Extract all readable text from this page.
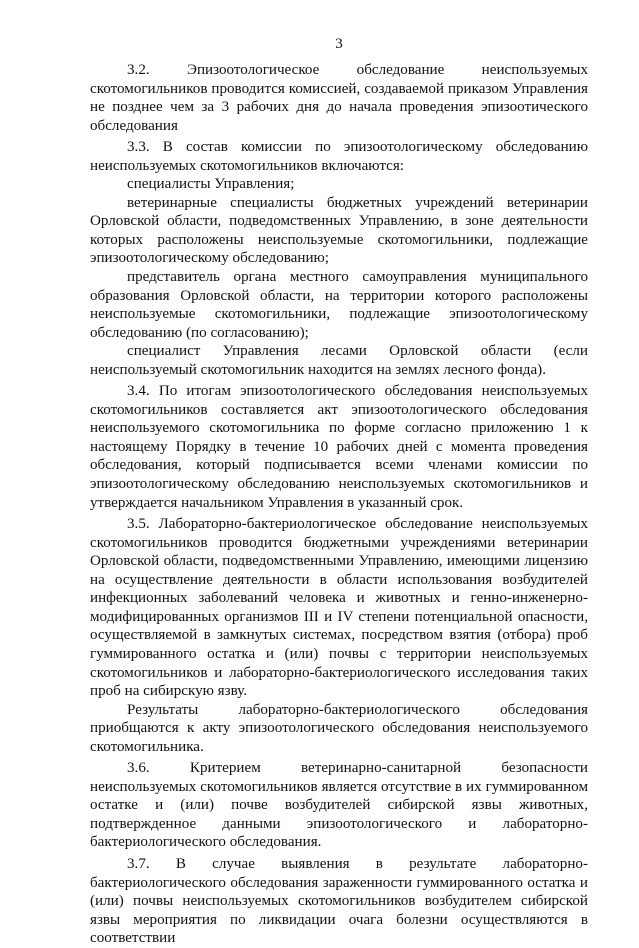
3

3.2. Эпизоотологическое обследование неиспользуемых скотомогильников проводится комиссией, создаваемой приказом Управления не позднее чем за 3 рабочих дня до начала проведения эпизоотического обследования

3.3. В состав комиссии по эпизоотологическому обследованию неиспользуемых скотомогильников включаются:

специалисты Управления;

ветеринарные специалисты бюджетных учреждений ветеринарии Орловской области, подведомственных Управлению, в зоне деятельности которых расположены неиспользуемые скотомогильники, подлежащие эпизоотологическому обследованию;

представитель органа местного самоуправления муниципального образования Орловской области, на территории которого расположены неиспользуемые скотомогильники, подлежащие эпизоотологическому обследованию (по согласованию);

специалист Управления лесами Орловской области (если неиспользуемый скотомогильник находится на землях лесного фонда).

3.4. По итогам эпизоотологического обследования неиспользуемых скотомогильников составляется акт эпизоотологического обследования неиспользуемого скотомогильника по форме согласно приложению 1 к настоящему Порядку в течение 10 рабочих дней с момента проведения обследования, который подписывается всеми членами комиссии по эпизоотологическому обследованию неиспользуемых скотомогильников и утверждается начальником Управления в указанный срок.

3.5. Лабораторно-бактериологическое обследование неиспользуемых скотомогильников проводится бюджетными учреждениями ветеринарии Орловской области, подведомственными Управлению, имеющими лицензию на осуществление деятельности в области использования возбудителей инфекционных заболеваний человека и животных и генно-инженерно-модифицированных организмов III и IV степени потенциальной опасности, осуществляемой в замкнутых системах, посредством взятия (отбора) проб гуммированного остатка и (или) почвы с территории неиспользуемых скотомогильников и лабораторно-бактериологического исследования таких проб на сибирскую язву.

Результаты лабораторно-бактериологического обследования приобщаются к акту эпизоотологического обследования неиспользуемого скотомогильника.

3.6. Критерием ветеринарно-санитарной безопасности неиспользуемых скотомогильников является отсутствие в их гуммированном остатке и (или) почве возбудителей сибирской язвы животных, подтвержденное данными эпизоотологического и лабораторно-бактериологического обследования.

3.7. В случае выявления в результате лабораторно-бактериологического обследования зараженности гуммированного остатка и (или) почвы неиспользуемых скотомогильников возбудителем сибирской язвы мероприятия по ликвидации очага болезни осуществляются в соответствии
